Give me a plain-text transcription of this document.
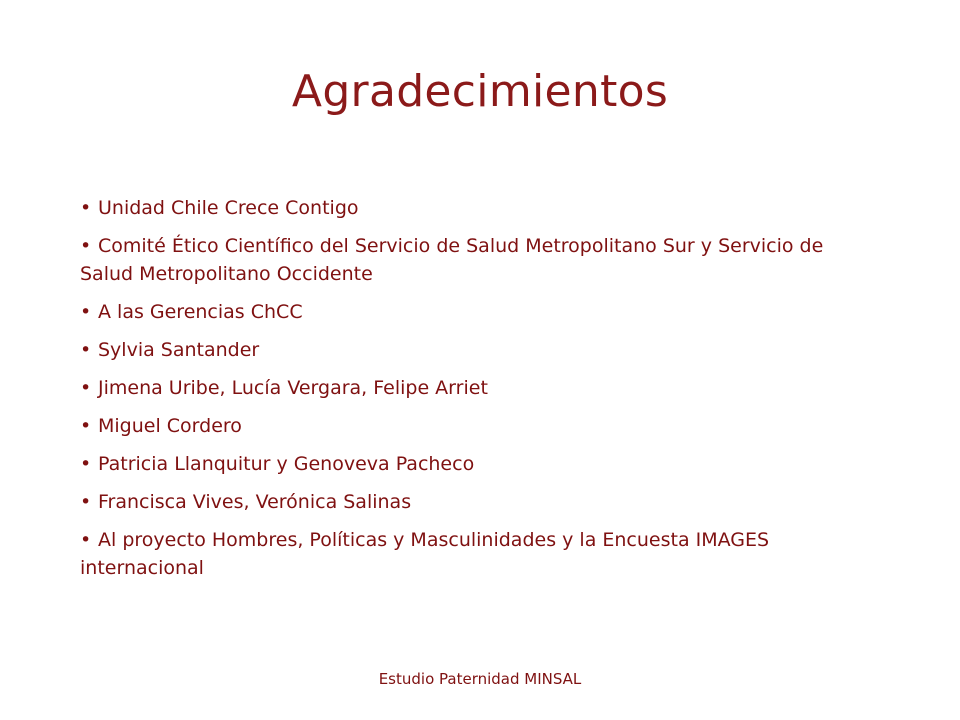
Agradecimientos
• Unidad Chile Crece Contigo
• Comité Ético Científico del Servicio de Salud Metropolitano Sur y Servicio de Salud Metropolitano Occidente
• A las Gerencias ChCC
• Sylvia Santander
• Jimena Uribe, Lucía Vergara, Felipe Arriet
• Miguel Cordero
• Patricia Llanquitur y Genoveva Pacheco
• Francisca Vives, Verónica Salinas
• Al proyecto Hombres, Políticas y Masculinidades y la Encuesta IMAGES internacional
Estudio Paternidad MINSAL
